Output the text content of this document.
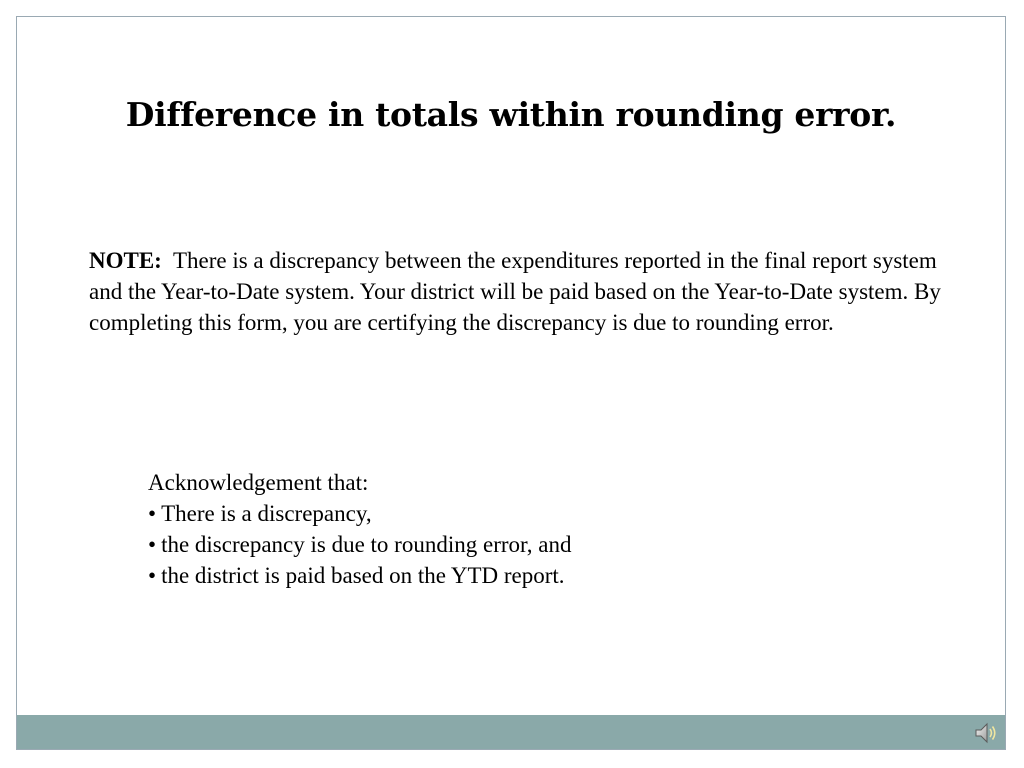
Difference in totals within rounding error.

NOTE: There is a discrepancy between the expenditures reported in the final report system and the Year-to-Date system. Your district will be paid based on the Year-to-Date system. By completing this form, you are certifying the discrepancy is due to rounding error.

Acknowledgement that:
• There is a discrepancy,
• the discrepancy is due to rounding error, and
• the district is paid based on the YTD report.
